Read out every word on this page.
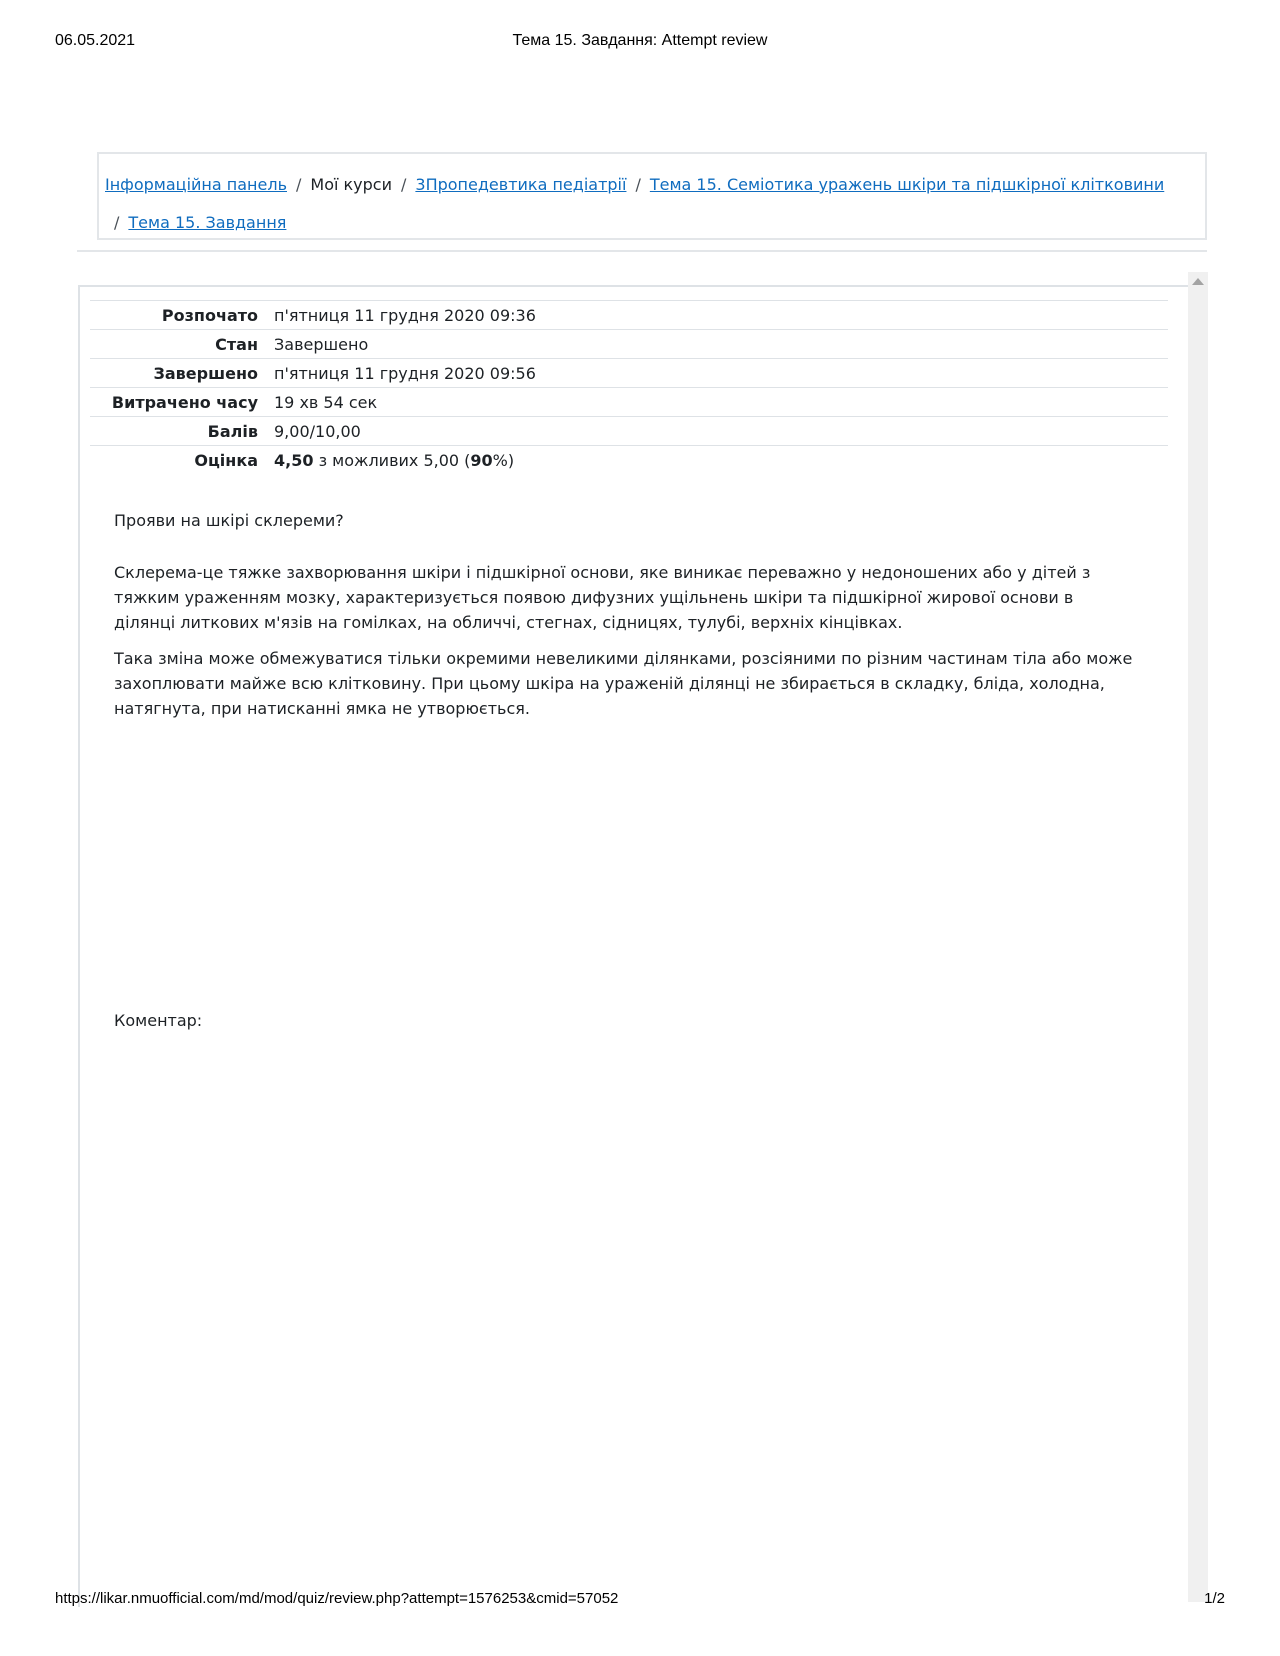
06.05.2021	Тема 15. Завдання: Attempt review
Інформаційна панель / Мої курси / 3Пропедевтика педіатрії / Тема 15. Семіотика уражень шкіри та підшкірної клітковини
/ Тема 15. Завдання
Розпочато	п'ятниця 11 грудня 2020 09:36
Стан	Завершено
Завершено	п'ятниця 11 грудня 2020 09:56
Витрачено часу	19 хв 54 сек
Балів	9,00/10,00
Оцінка	4,50 з можливих 5,00 (90%)
Прояви на шкірі склереми?

Склерема-це тяжке захворювання шкіри і підшкірної основи, яке виникає переважно у недоношених або у дітей з тяжким ураженням мозку, характеризується появою дифузних ущільнень шкіри та підшкірної жирової основи в ділянці литкових м'язів на гомілках, на обличчі, стегнах, сідницях, тулубі, верхніх кінцівках.

Така зміна може обмежуватися тільки окремими невеликими ділянками, розсіяними по різним частинам тіла або може захоплювати майже всю клітковину. При цьому шкіра на ураженій ділянці не збирається в складку, бліда, холодна, натягнута, при натисканні ямка не утворюється.

Коментар:
https://likar.nmuofficial.com/md/mod/quiz/review.php?attempt=1576253&cmid=57052	1/2
